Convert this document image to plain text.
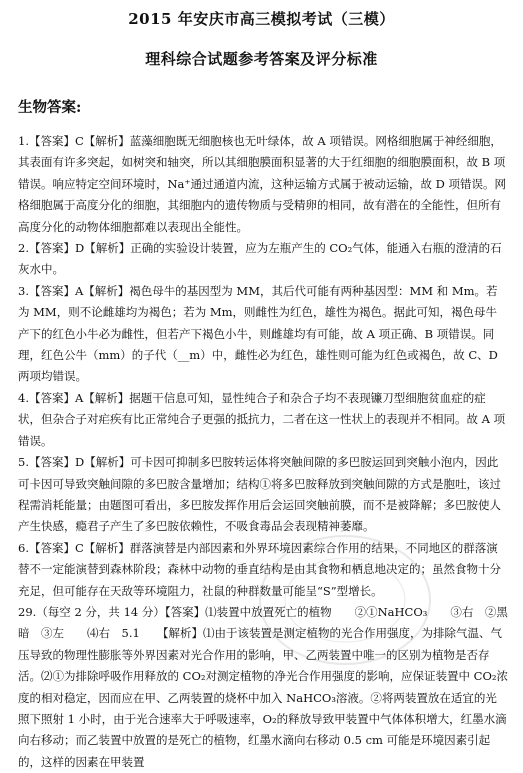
2015 年安庆市高三模拟考试（三模）
理科综合试题参考答案及评分标准
生物答案:

1.【答案】C【解析】蓝藻细胞既无细胞核也无叶绿体，故 A 项错误。网格细胞属于神经细胞，其表面有许多突起，如树突和轴突，所以其细胞膜面积显著的大于红细胞的细胞膜面积，故 B 项错误。响应特定空间环境时，Na⁺通过通道内流，这种运输方式属于被动运输，故 D 项错误。网格细胞属于高度分化的细胞，其细胞内的遗传物质与受精卵的相同，故有潜在的全能性，但所有高度分化的动物体细胞都难以表现出全能性。

2.【答案】D【解析】正确的实验设计装置，应为左瓶产生的 CO₂气体，能通入右瓶的澄清的石灰水中。

3.【答案】A【解析】褐色母牛的基因型为 MM，其后代可能有两种基因型：MM 和 Mm。若为 MM，则不论雌雄均为褐色；若为 Mm，则雌性为红色，雄性为褐色。据此可知，褐色母牛产下的红色小牛必为雌性，但若产下褐色小牛，则雌雄均有可能，故 A 项正确、B 项错误。同理，红色公牛（mm）的子代（__m）中，雌性必为红色，雄性则可能为红色或褐色，故 C、D 两项均错误。

4.【答案】A【解析】据题干信息可知，显性纯合子和杂合子均不表现镰刀型细胞贫血症的症状，但杂合子对疟疾有比正常纯合子更强的抵抗力，二者在这一性状上的表现并不相同。故 A 项错误。

5.【答案】D【解析】可卡因可抑制多巴胺转运体将突触间隙的多巴胺运回到突触小泡内，因此可卡因可导致突触间隙的多巴胺含量增加；结构①将多巴胺释放到突触间隙的方式是胞吐，该过程需消耗能量；由题图可看出，多巴胺发挥作用后会运回突触前膜，而不是被降解；多巴胺使人产生快感，瘾君子产生了多巴胺依赖性，不吸食毒品会表现精神萎靡。

6.【答案】C【解析】群落演替是内部因素和外界环境因素综合作用的结果，不同地区的群落演替不一定能演替到森林阶段；森林中动物的垂直结构是由其食物和栖息地决定的；虽然食物十分充足，但可能存在天敌等环境阻力，社鼠的种群数量可能呈“S”型增长。

29.（每空 2 分，共 14 分）【答案】⑴装置中放置死亡的植物　　②①NaHCO₃　　③右　②黑暗　③左　　⑷右　5.1　　【解析】⑴由于该装置是测定植物的光合作用强度，为排除气温、气压导致的物理性膨胀等外界因素对光合作用的影响，甲、乙两装置中唯一的区别为植物是否存活。⑵①为排除呼吸作用释放的 CO₂对测定植物的净光合作用强度的影响，应保证装置中 CO₂浓度的相对稳定，因而应在甲、乙两装置的烧杯中加入 NaHCO₃溶液。②将两装置放在适宜的光照下照射 1 小时，由于光合速率大于呼吸速率，O₂的释放导致甲装置中气体体积增大，红墨水滴向右移动；而乙装置中放置的是死亡的植物，红墨水滴向右移动 0.5 cm 可能是环境因素引起的，这样的因素在甲装置
